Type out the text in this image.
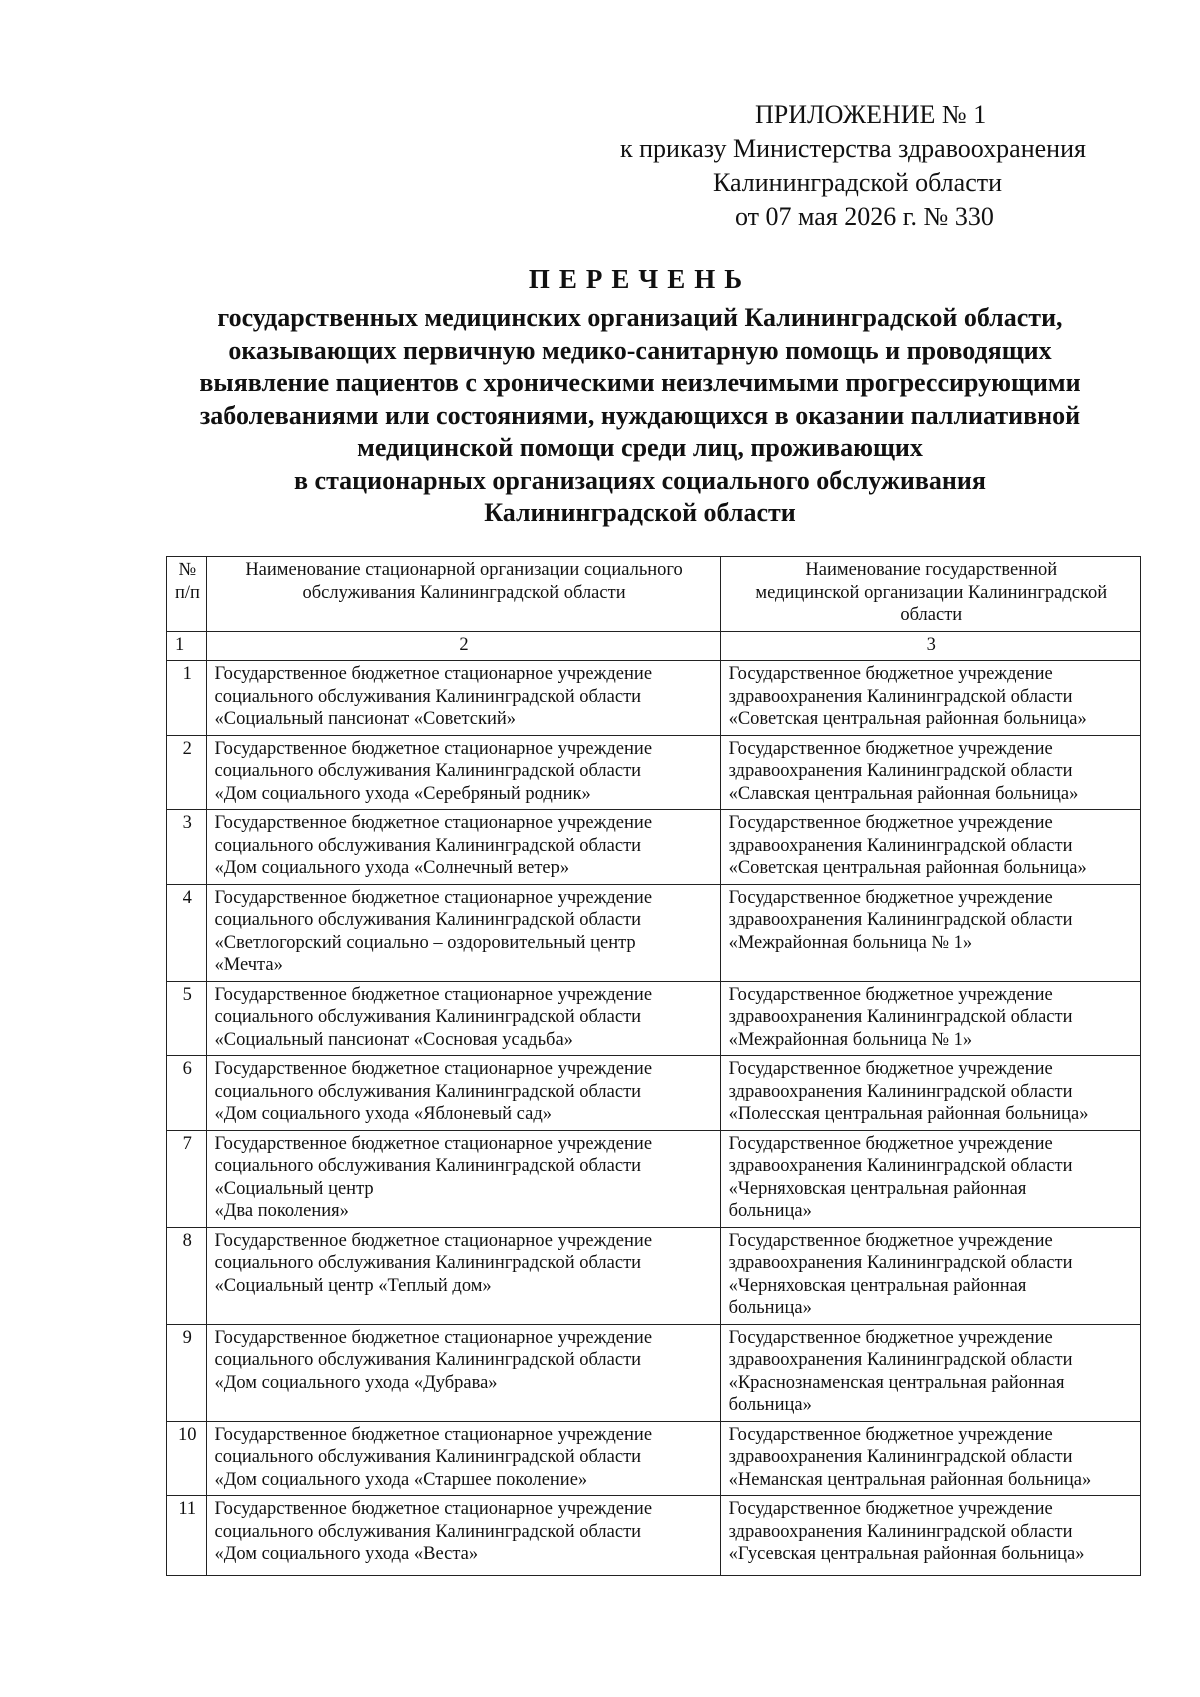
ПРИЛОЖЕНИЕ № 1
к приказу Министерства здравоохранения
Калининградской области
от 07 мая 2026 г. № 330
ПЕРЕЧЕНЬ
государственных медицинских организаций Калининградской области,
оказывающих первичную медико-санитарную помощь и проводящих
выявление пациентов с хроническими неизлечимыми прогрессирующими
заболеваниями или состояниями, нуждающихся в оказании паллиативной
медицинской помощи среди лиц, проживающих
в стационарных организациях социального обслуживания
Калининградской области
№
п/п	Наименование стационарной организации социального
обслуживания Калининградской области	Наименование государственной
медицинской организации Калининградской
области

1	2	3
1	Государственное бюджетное стационарное учреждение
социального обслуживания Калининградской области
«Социальный пансионат «Советский»	Государственное бюджетное учреждение
здравоохранения Калининградской области
«Советская центральная районная больница»

2	Государственное бюджетное стационарное учреждение
социального обслуживания Калининградской области
«Дом социального ухода «Серебряный родник»	Государственное бюджетное учреждение
здравоохранения Калининградской области
«Славская центральная районная больница»

3	Государственное бюджетное стационарное учреждение
социального обслуживания Калининградской области
«Дом социального ухода «Солнечный ветер»	Государственное бюджетное учреждение
здравоохранения Калининградской области
«Советская центральная районная больница»

4	Государственное бюджетное стационарное учреждение
социального обслуживания Калининградской области
«Светлогорский социально – оздоровительный центр
«Мечта»	Государственное бюджетное учреждение
здравоохранения Калининградской области
«Межрайонная больница № 1»

5	Государственное бюджетное стационарное учреждение
социального обслуживания Калининградской области
«Социальный пансионат «Сосновая усадьба»	Государственное бюджетное учреждение
здравоохранения Калининградской области
«Межрайонная больница № 1»

6	Государственное бюджетное стационарное учреждение
социального обслуживания Калининградской области
«Дом социального ухода «Яблоневый сад»	Государственное бюджетное учреждение
здравоохранения Калининградской области
«Полесская центральная районная больница»

7	Государственное бюджетное стационарное учреждение
социального обслуживания Калининградской области
«Социальный центр
«Два поколения»	Государственное бюджетное учреждение
здравоохранения Калининградской области
«Черняховская центральная районная
больница»

8	Государственное бюджетное стационарное учреждение
социального обслуживания Калининградской области
«Социальный центр «Теплый дом»	Государственное бюджетное учреждение
здравоохранения Калининградской области
«Черняховская центральная районная
больница»

9	Государственное бюджетное стационарное учреждение
социального обслуживания Калининградской области
«Дом социального ухода «Дубрава»	Государственное бюджетное учреждение
здравоохранения Калининградской области
«Краснознаменская центральная районная
больница»

10	Государственное бюджетное стационарное учреждение
социального обслуживания Калининградской области
«Дом социального ухода «Старшее поколение»	Государственное бюджетное учреждение
здравоохранения Калининградской области
«Неманская центральная районная больница»

11	Государственное бюджетное стационарное учреждение
социального обслуживания Калининградской области
«Дом социального ухода «Веста»	Государственное бюджетное учреждение
здравоохранения Калининградской области
«Гусевская центральная районная больница»
